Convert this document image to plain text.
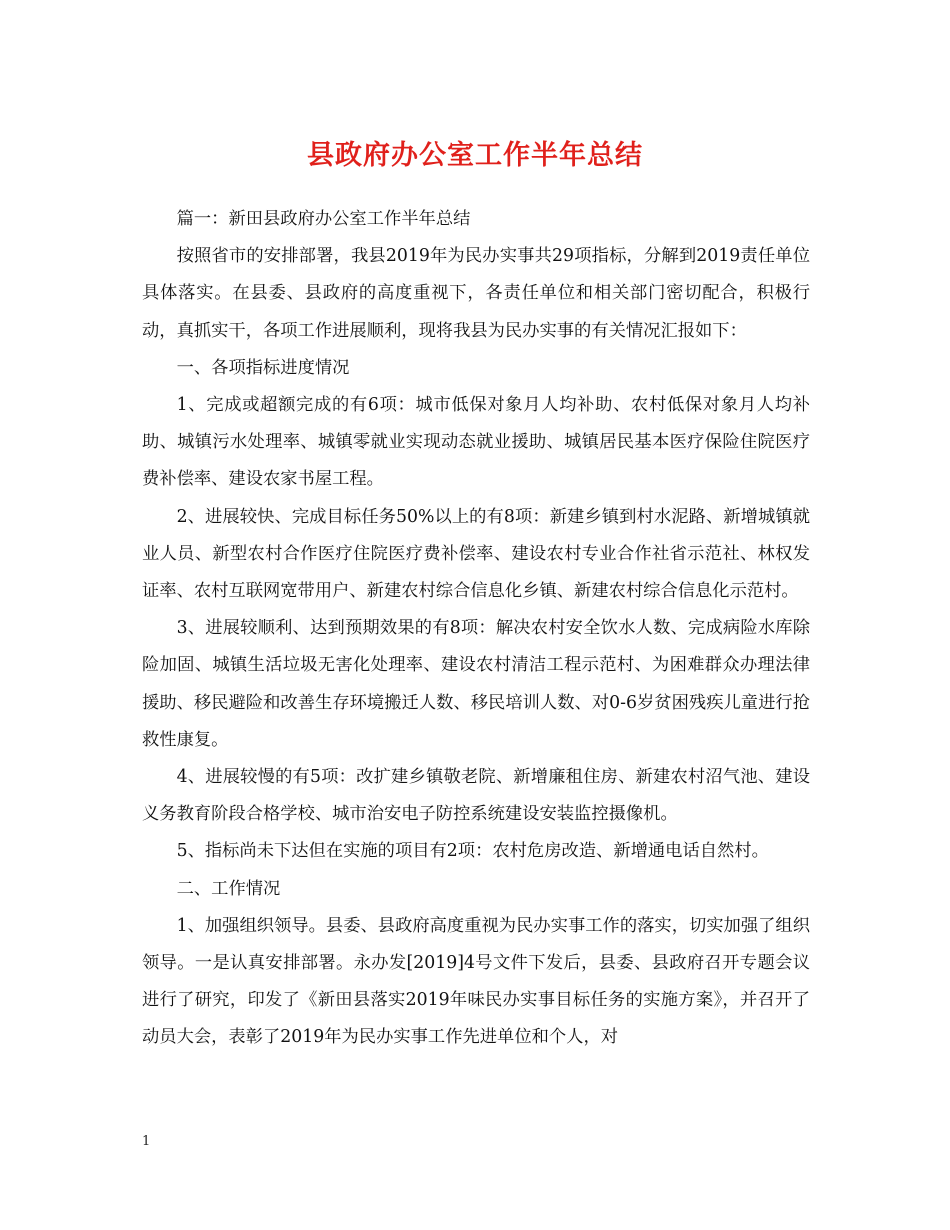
县政府办公室工作半年总结

篇一：新田县政府办公室工作半年总结

按照省市的安排部署，我县2019年为民办实事共29项指标，分解到2019责任单位具体落实。在县委、县政府的高度重视下，各责任单位和相关部门密切配合，积极行动，真抓实干，各项工作进展顺利，现将我县为民办实事的有关情况汇报如下：

一、各项指标进度情况

1、完成或超额完成的有6项：城市低保对象月人均补助、农村低保对象月人均补助、城镇污水处理率、城镇零就业实现动态就业援助、城镇居民基本医疗保险住院医疗费补偿率、建设农家书屋工程。

2、进展较快、完成目标任务50%以上的有8项：新建乡镇到村水泥路、新增城镇就业人员、新型农村合作医疗住院医疗费补偿率、建设农村专业合作社省示范社、林权发证率、农村互联网宽带用户、新建农村综合信息化乡镇、新建农村综合信息化示范村。

3、进展较顺利、达到预期效果的有8项：解决农村安全饮水人数、完成病险水库除险加固、城镇生活垃圾无害化处理率、建设农村清洁工程示范村、为困难群众办理法律援助、移民避险和改善生存环境搬迁人数、移民培训人数、对0-6岁贫困残疾儿童进行抢救性康复。

4、进展较慢的有5项：改扩建乡镇敬老院、新增廉租住房、新建农村沼气池、建设义务教育阶段合格学校、城市治安电子防控系统建设安装监控摄像机。

5、指标尚未下达但在实施的项目有2项：农村危房改造、新增通电话自然村。

二、工作情况

1、加强组织领导。县委、县政府高度重视为民办实事工作的落实，切实加强了组织领导。一是认真安排部署。永办发[2019]4号文件下发后，县委、县政府召开专题会议进行了研究，印发了《新田县落实2019年味民办实事目标任务的实施方案》，并召开了动员大会，表彰了2019年为民办实事工作先进单位和个人，对

1
